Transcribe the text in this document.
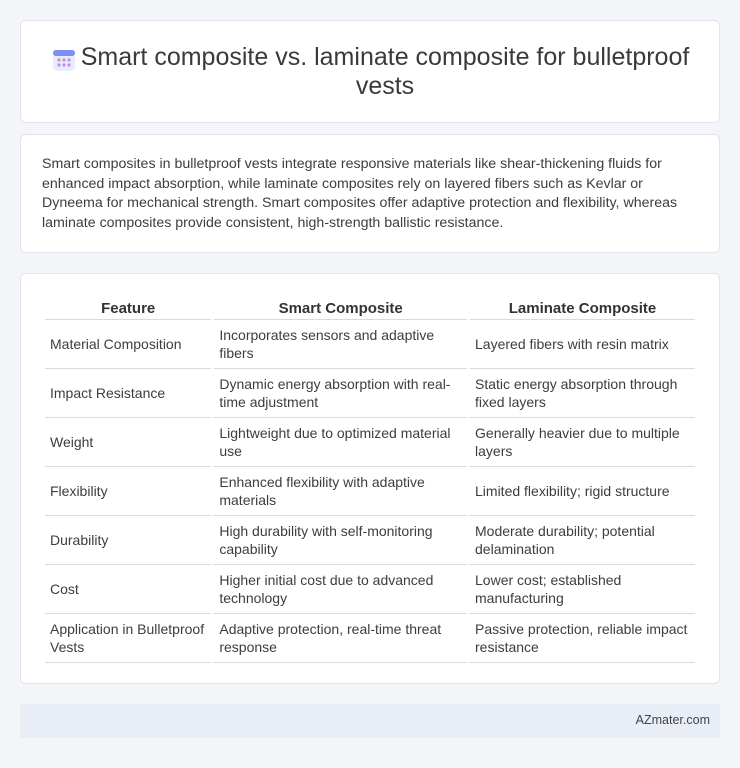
Smart composite vs. laminate composite for bulletproof vests

Smart composites in bulletproof vests integrate responsive materials like shear-thickening fluids for enhanced impact absorption, while laminate composites rely on layered fibers such as Kevlar or Dyneema for mechanical strength. Smart composites offer adaptive protection and flexibility, whereas laminate composites provide consistent, high-strength ballistic resistance.

Feature	Smart Composite	Laminate Composite
Material Composition	Incorporates sensors and adaptive fibers	Layered fibers with resin matrix
Impact Resistance	Dynamic energy absorption with real-time adjustment	Static energy absorption through fixed layers
Weight	Lightweight due to optimized material use	Generally heavier due to multiple layers
Flexibility	Enhanced flexibility with adaptive materials	Limited flexibility; rigid structure
Durability	High durability with self-monitoring capability	Moderate durability; potential delamination
Cost	Higher initial cost due to advanced technology	Lower cost; established manufacturing
Application in Bulletproof Vests	Adaptive protection, real-time threat response	Passive protection, reliable impact resistance
AZmater.com
